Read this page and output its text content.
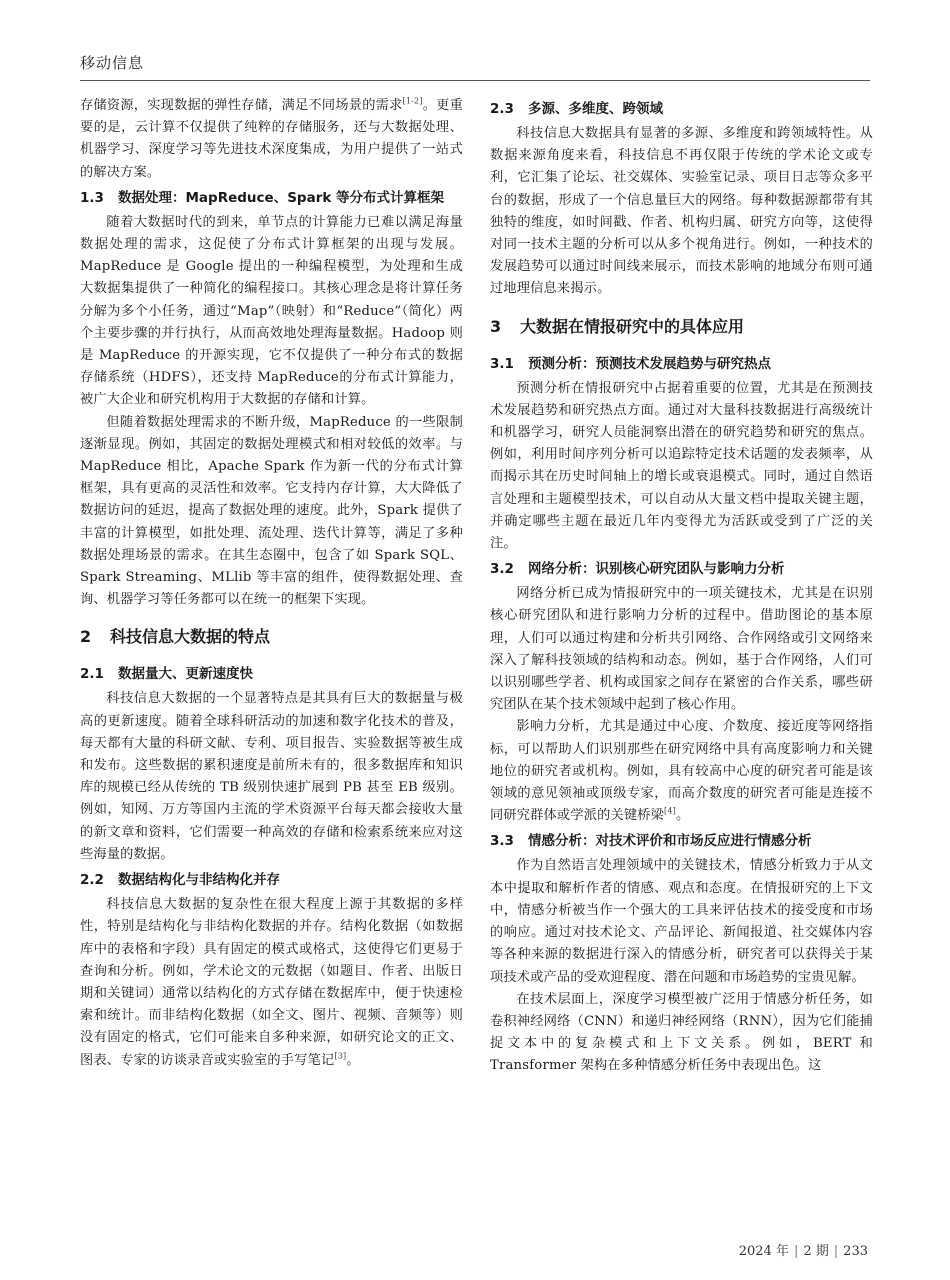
移动信息

存储资源，实现数据的弹性存储，满足不同场景的需求[1-2]。更重要的是，云计算不仅提供了纯粹的存储服务，还与大数据处理、机器学习、深度学习等先进技术深度集成，为用户提供了一站式的解决方案。

1.3 数据处理：MapReduce、Spark 等分布式计算框架

随着大数据时代的到来，单节点的计算能力已难以满足海量数据处理的需求，这促使了分布式计算框架的出现与发展。MapReduce 是 Google 提出的一种编程模型，为处理和生成大数据集提供了一种简化的编程接口。其核心理念是将计算任务分解为多个小任务，通过“Map”（映射）和“Reduce”（简化）两个主要步骤的并行执行，从而高效地处理海量数据。Hadoop 则是 MapReduce 的开源实现，它不仅提供了一种分布式的数据存储系统（HDFS），还支持 MapReduce的分布式计算能力，被广大企业和研究机构用于大数据的存储和计算。

但随着数据处理需求的不断升级，MapReduce 的一些限制逐渐显现。例如，其固定的数据处理模式和相对较低的效率。与 MapReduce 相比，Apache Spark 作为新一代的分布式计算框架，具有更高的灵活性和效率。它支持内存计算，大大降低了数据访问的延迟，提高了数据处理的速度。此外，Spark 提供了丰富的计算模型，如批处理、流处理、迭代计算等，满足了多种数据处理场景的需求。在其生态圈中，包含了如 Spark SQL、Spark Streaming、MLlib 等丰富的组件，使得数据处理、查询、机器学习等任务都可以在统一的框架下实现。

2 科技信息大数据的特点
2.1 数据量大、更新速度快

科技信息大数据的一个显著特点是其具有巨大的数据量与极高的更新速度。随着全球科研活动的加速和数字化技术的普及，每天都有大量的科研文献、专利、项目报告、实验数据等被生成和发布。这些数据的累积速度是前所未有的，很多数据库和知识库的规模已经从传统的 TB 级别快速扩展到 PB 甚至 EB 级别。例如，知网、万方等国内主流的学术资源平台每天都会接收大量的新文章和资料，它们需要一种高效的存储和检索系统来应对这些海量的数据。

2.2 数据结构化与非结构化并存

科技信息大数据的复杂性在很大程度上源于其数据的多样性，特别是结构化与非结构化数据的并存。结构化数据（如数据库中的表格和字段）具有固定的模式或格式，这使得它们更易于查询和分析。例如，学术论文的元数据（如题目、作者、出版日期和关键词）通常以结构化的方式存储在数据库中，便于快速检索和统计。而非结构化数据（如全文、图片、视频、音频等）则没有固定的格式，它们可能来自多种来源，如研究论文的正文、图表、专家的访谈录音或实验室的手写笔记[3]。

2.3 多源、多维度、跨领域

科技信息大数据具有显著的多源、多维度和跨领域特性。从数据来源角度来看，科技信息不再仅限于传统的学术论文或专利，它汇集了论坛、社交媒体、实验室记录、项目日志等众多平台的数据，形成了一个信息量巨大的网络。每种数据源都带有其独特的维度，如时间戳、作者、机构归属、研究方向等，这使得对同一技术主题的分析可以从多个视角进行。例如，一种技术的发展趋势可以通过时间线来展示，而技术影响的地域分布则可通过地理信息来揭示。

3 大数据在情报研究中的具体应用
3.1 预测分析：预测技术发展趋势与研究热点

预测分析在情报研究中占据着重要的位置，尤其是在预测技术发展趋势和研究热点方面。通过对大量科技数据进行高级统计和机器学习，研究人员能洞察出潜在的研究趋势和研究的焦点。例如，利用时间序列分析可以追踪特定技术话题的发表频率，从而揭示其在历史时间轴上的增长或衰退模式。同时，通过自然语言处理和主题模型技术，可以自动从大量文档中提取关键主题，并确定哪些主题在最近几年内变得尤为活跃或受到了广泛的关注。

3.2 网络分析：识别核心研究团队与影响力分析

网络分析已成为情报研究中的一项关键技术，尤其是在识别核心研究团队和进行影响力分析的过程中。借助图论的基本原理，人们可以通过构建和分析共引网络、合作网络或引文网络来深入了解科技领域的结构和动态。例如，基于合作网络，人们可以识别哪些学者、机构或国家之间存在紧密的合作关系，哪些研究团队在某个技术领域中起到了核心作用。

影响力分析，尤其是通过中心度、介数度、接近度等网络指标，可以帮助人们识别那些在研究网络中具有高度影响力和关键地位的研究者或机构。例如，具有较高中心度的研究者可能是该领域的意见领袖或顶级专家，而高介数度的研究者可能是连接不同研究群体或学派的关键桥梁[4]。

3.3 情感分析：对技术评价和市场反应进行情感分析

作为自然语言处理领域中的关键技术，情感分析致力于从文本中提取和解析作者的情感、观点和态度。在情报研究的上下文中，情感分析被当作一个强大的工具来评估技术的接受度和市场的响应。通过对技术论文、产品评论、新闻报道、社交媒体内容等各种来源的数据进行深入的情感分析，研究者可以获得关于某项技术或产品的受欢迎程度、潜在问题和市场趋势的宝贵见解。

在技术层面上，深度学习模型被广泛用于情感分析任务，如卷积神经网络（CNN）和递归神经网络（RNN），因为它们能捕捉文本中的复杂模式和上下文关系。例如，BERT 和 Transformer 架构在多种情感分析任务中表现出色。这

2024 年 | 2 期 | 233
